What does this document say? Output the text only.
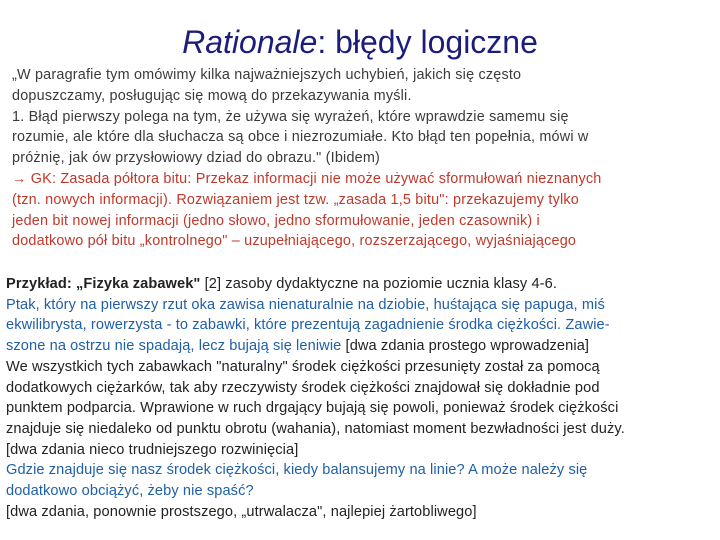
Rationale: błędy logiczne
„W paragrafie tym omówimy kilka najważniejszych uchybień, jakich się często
dopuszczamy, posługując się mową do przekazywania myśli.
1. Błąd pierwszy polega na tym, że używa się wyrażeń, które wprawdzie samemu się
rozumie, ale które dla słuchacza są obce i niezrozumiałe. Kto błąd ten popełnia, mówi w
próżnię, jak ów przysłowiowy dziad do obrazu." (Ibidem)
→ GK: Zasada półtora bitu: Przekaz informacji nie może używać sformułowań nieznanych
(tzn. nowych informacji). Rozwiązaniem jest tzw. „zasada 1,5 bitu": przekazujemy tylko
jeden bit nowej informacji (jedno słowo, jedno sformułowanie, jeden czasownik) i
dodatkowo pół bitu „kontrolnego" – uzupełniającego, rozszerzającego, wyjaśniającego
Przykład: „Fizyka zabawek" [2] zasoby dydaktyczne na poziomie ucznia klasy 4-6.
Ptak, który na pierwszy rzut oka zawisa nienaturalnie na dziobie, huśtająca się papuga, miś
ekwilibrysta, rowerzysta - to zabawki, które prezentują zagadnienie środka ciężkości. Zawie-
szone na ostrzu nie spadają, lecz bujają się leniwie [dwa zdania prostego wprowadzenia]
We wszystkich tych zabawkach "naturalny" środek ciężkości przesunięty został za pomocą
dodatkowych ciężarków, tak aby rzeczywisty środek ciężkości znajdował się dokładnie pod
punktem podparcia. Wprawione w ruch drgający bujają się powoli, ponieważ środek ciężkości
znajduje się niedaleko od punktu obrotu (wahania), natomiast moment bezwładności jest duży.
[dwa zdania nieco trudniejszego rozwinięcia]
Gdzie znajduje się nasz środek ciężkości, kiedy balansujemy na linie? A może należy się
dodatkowo obciążyć, żeby nie spaść?
[dwa zdania, ponownie prostszego, „utrwalacza", najlepiej żartobliwego]
